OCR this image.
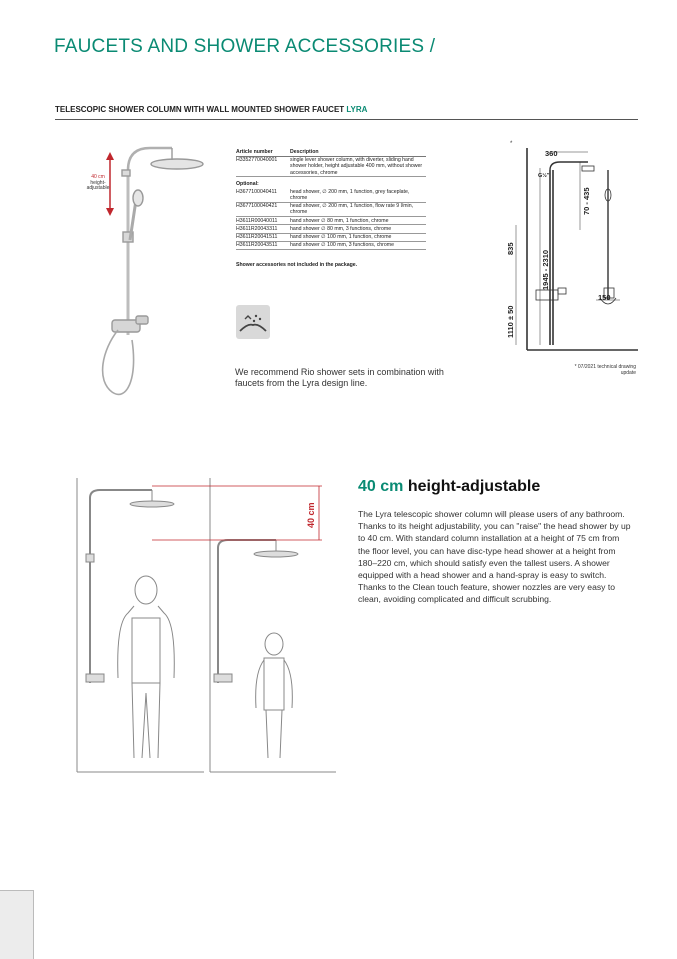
FAUCETS AND SHOWER ACCESSORIES /
TELESCOPIC SHOWER COLUMN WITH WALL MOUNTED SHOWER FAUCET LYRA
40 cm
height-adjustable
Article number	Description
H3352770040001	single lever shower column, with diverter, sliding hand shower holder, height adjustable 400 mm, without shower accessories, chrome
Optional:
H3677100040411	head shower, ∅ 200 mm, 1 function, grey faceplate, chrome
H3677100040421	head shower, ∅ 200 mm, 1 function, flow rate 9 l/min, chrome
H3611R00040011	hand shower ∅ 80 mm, 1 function, chrome
H3611R20043311	hand shower ∅ 80 mm, 3 functions, chrome
H3611R20041511	hand shower ∅ 100 mm, 1 function, chrome
H3611R20043511	hand shower ∅ 100 mm, 3 functions, chrome
Shower accessories not included in the package.
We recommend Rio shower sets in combination with faucets from the Lyra design line.
*
360
G½"
150
70 - 435
835
1945 - 2310
1110 ± 50
* 07/2021 technical drawing update
40 cm
40 cm height-adjustable
The Lyra telescopic shower column will please users of any bathroom. Thanks to its height adjustability, you can "raise" the head shower by up to 40 cm. With standard column installation at a height of 75 cm from the floor level, you can have disc-type head shower at a height from 180–220 cm, which should satisfy even the tallest users. A shower equipped with a head shower and a hand-spray is easy to switch. Thanks to the Clean touch feature, shower nozzles are very easy to clean, avoiding complicated and difficult scrubbing.
